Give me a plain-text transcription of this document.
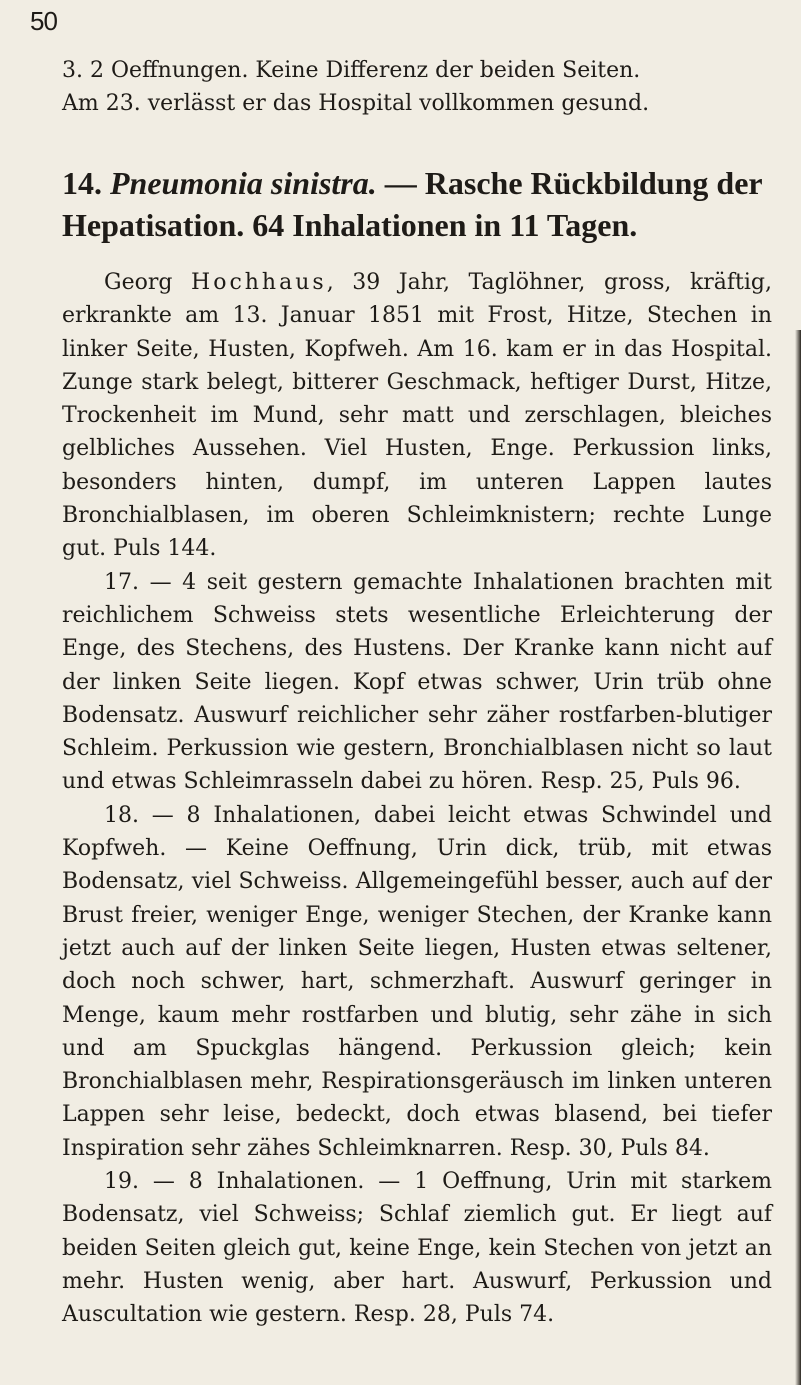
50

3. 2 Oeffnungen. Keine Differenz der beiden Seiten.

Am 23. verlässt er das Hospital vollkommen gesund.

14. Pneumonia sinistra. — Rasche Rückbildung der Hepatisation. 64 Inhalationen in 11 Tagen.

Georg Hochhaus, 39 Jahr, Taglöhner, gross, kräftig, erkrankte am 13. Januar 1851 mit Frost, Hitze, Stechen in linker Seite, Husten, Kopfweh. Am 16. kam er in das Hospital. Zunge stark belegt, bitterer Geschmack, heftiger Durst, Hitze, Trockenheit im Mund, sehr matt und zerschlagen, bleiches gelbliches Aussehen. Viel Husten, Enge. Perkussion links, besonders hinten, dumpf, im unteren Lappen lautes Bronchialblasen, im oberen Schleimknistern; rechte Lunge gut. Puls 144.

17. — 4 seit gestern gemachte Inhalationen brachten mit reichlichem Schweiss stets wesentliche Erleichterung der Enge, des Stechens, des Hustens. Der Kranke kann nicht auf der linken Seite liegen. Kopf etwas schwer, Urin trüb ohne Bodensatz. Auswurf reichlicher sehr zäher rostfarben-blutiger Schleim. Perkussion wie gestern, Bronchialblasen nicht so laut und etwas Schleimrasseln dabei zu hören. Resp. 25, Puls 96.

18. — 8 Inhalationen, dabei leicht etwas Schwindel und Kopfweh. — Keine Oeffnung, Urin dick, trüb, mit etwas Bodensatz, viel Schweiss. Allgemeingefühl besser, auch auf der Brust freier, weniger Enge, weniger Stechen, der Kranke kann jetzt auch auf der linken Seite liegen, Husten etwas seltener, doch noch schwer, hart, schmerzhaft. Auswurf geringer in Menge, kaum mehr rostfarben und blutig, sehr zähe in sich und am Spuckglas hängend. Perkussion gleich; kein Bronchialblasen mehr, Respirationsgeräusch im linken unteren Lappen sehr leise, bedeckt, doch etwas blasend, bei tiefer Inspiration sehr zähes Schleimknarren. Resp. 30, Puls 84.

19. — 8 Inhalationen. — 1 Oeffnung, Urin mit starkem Bodensatz, viel Schweiss; Schlaf ziemlich gut. Er liegt auf beiden Seiten gleich gut, keine Enge, kein Stechen von jetzt an mehr. Husten wenig, aber hart. Auswurf, Perkussion und Auscultation wie gestern. Resp. 28, Puls 74.
